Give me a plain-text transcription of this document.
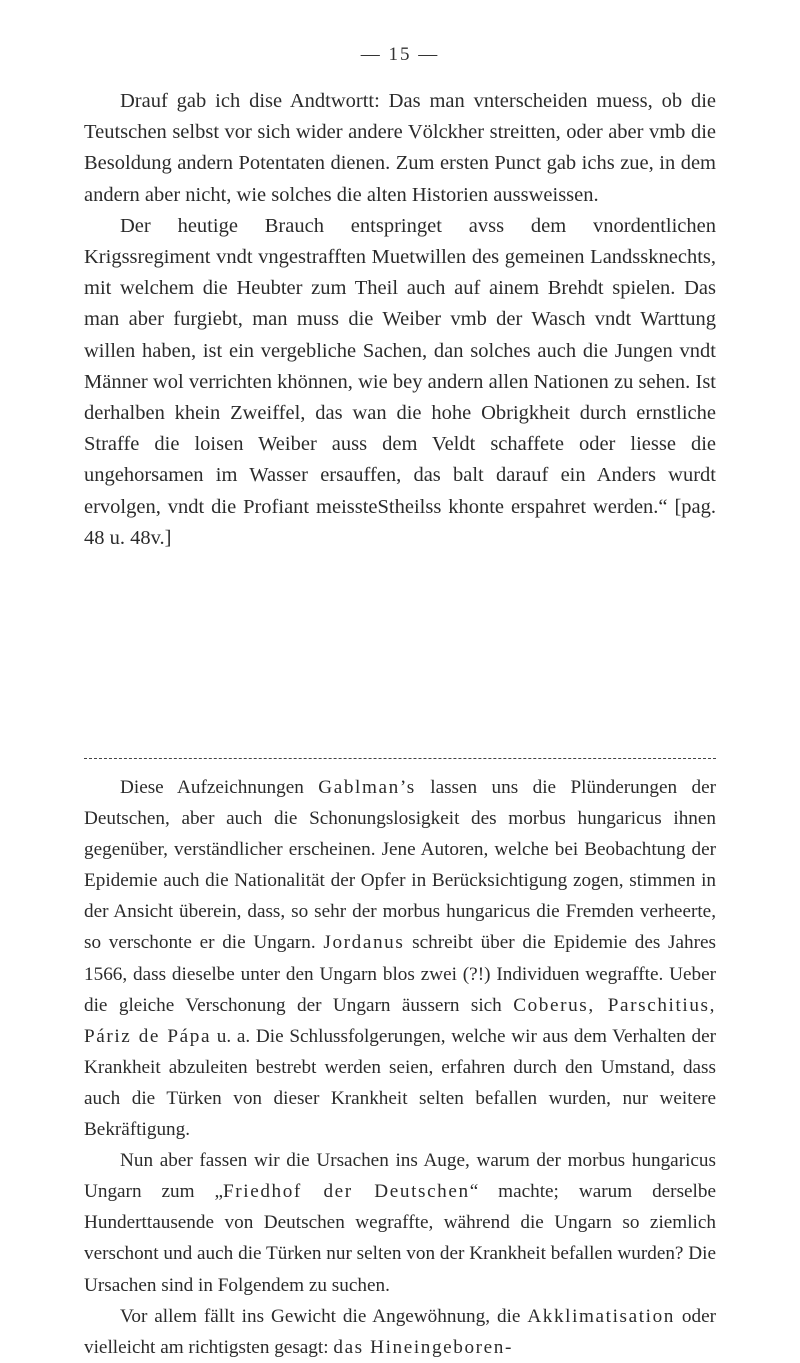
— 15 —

Drauf gab ich dise Andtwortt: Das man vnterscheiden muess, ob die Teutschen selbst vor sich wider andere Völckher streitten, oder aber vmb die Besoldung andern Potentaten dienen. Zum ersten Punct gab ichs zue, in dem andern aber nicht, wie solches die alten Historien aussweissen.

Der heutige Brauch entspringet avss dem vnordentlichen Krigssregiment vndt vngestrafften Muetwillen des gemeinen Landssknechts, mit welchem die Heubter zum Theil auch auf ainem Brehdt spielen. Das man aber furgiebt, man muss die Weiber vmb der Wasch vndt Warttung willen haben, ist ein vergebliche Sachen, dan solches auch die Jungen vndt Männer wol verrichten khönnen, wie bey andern allen Nationen zu sehen. Ist derhalben khein Zweiffel, das wan die hohe Obrigkheit durch ernstliche Straffe die loisen Weiber auss dem Veldt schaffete oder liesse die ungehorsamen im Wasser ersauffen, das balt darauf ein Anders wurdt ervolgen, vndt die Profiant meissteStheilss khonte erspahret werden.“ [pag. 48 u. 48v.]

Diese Aufzeichnungen Gablman’s lassen uns die Plünderungen der Deutschen, aber auch die Schonungslosigkeit des morbus hungaricus ihnen gegenüber, verständlicher erscheinen. Jene Autoren, welche bei Beobachtung der Epidemie auch die Nationalität der Opfer in Berücksichtigung zogen, stimmen in der Ansicht überein, dass, so sehr der morbus hungaricus die Fremden verheerte, so verschonte er die Ungarn. Jordanus schreibt über die Epidemie des Jahres 1566, dass dieselbe unter den Ungarn blos zwei (?!) Individuen wegraffte. Ueber die gleiche Verschonung der Ungarn äussern sich Coberus, Parschitius, Páriz de Pápa u. a. Die Schlussfolgerungen, welche wir aus dem Verhalten der Krankheit abzuleiten bestrebt werden seien, erfahren durch den Umstand, dass auch die Türken von dieser Krankheit selten befallen wurden, nur weitere Bekräftigung.

Nun aber fassen wir die Ursachen ins Auge, warum der morbus hungaricus Ungarn zum „Friedhof der Deutschen“ machte; warum derselbe Hunderttausende von Deutschen wegraffte, während die Ungarn so ziemlich verschont und auch die Türken nur selten von der Krankheit befallen wurden? Die Ursachen sind in Folgendem zu suchen.

Vor allem fällt ins Gewicht die Angewöhnung, die Akklimatisation oder vielleicht am richtigsten gesagt: das Hineingeboren-
